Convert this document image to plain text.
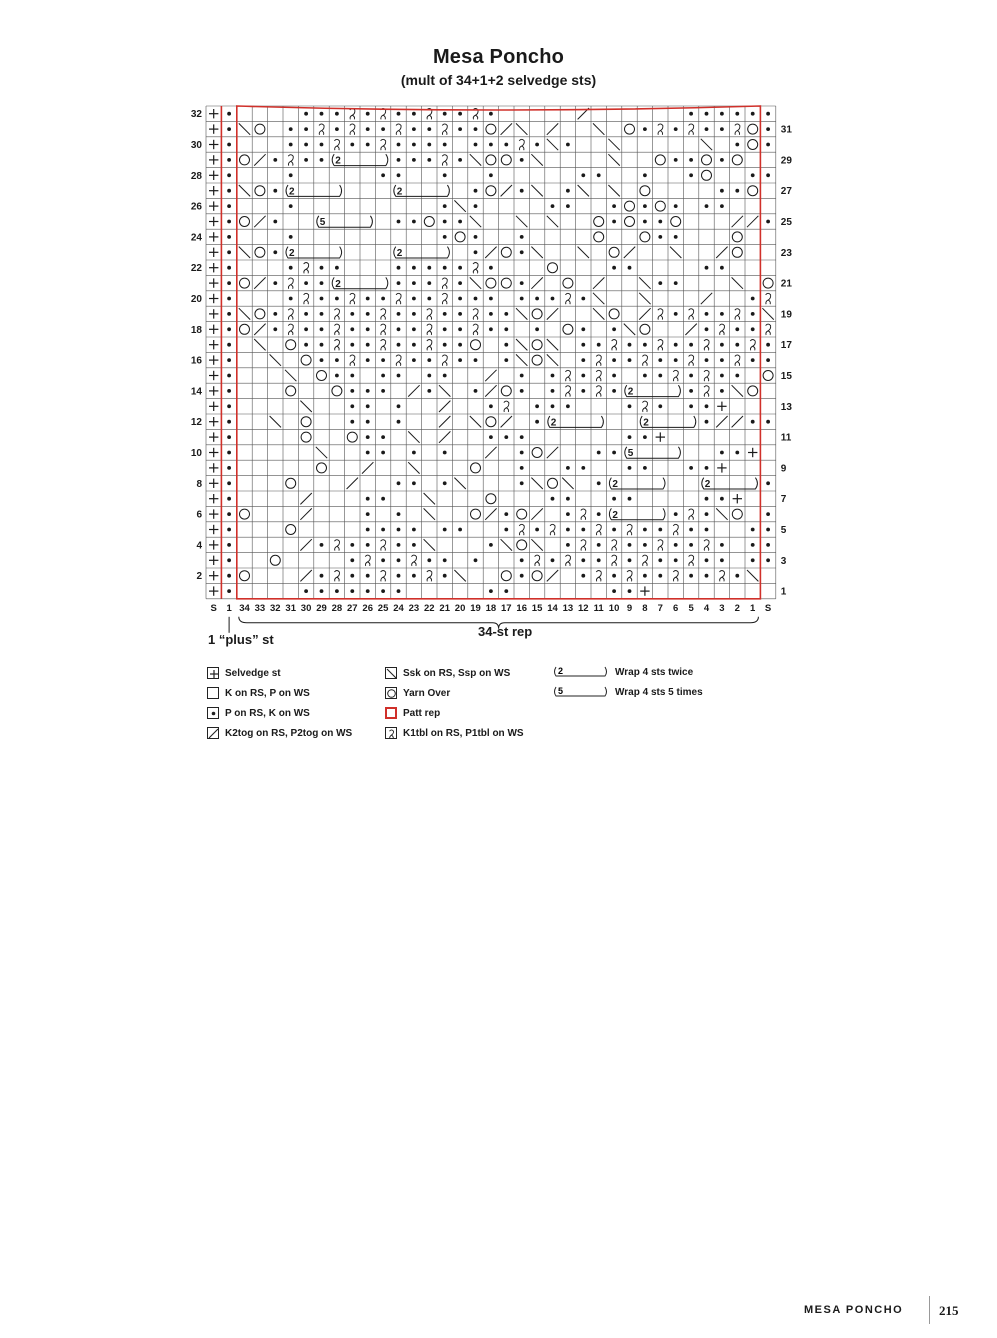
Mesa Poncho
(mult of 34+1+2 selvedge sts)
2
2	2
5
2	2
2
2
2	2
5
2	2
2
32
31
30
29
28
27
26
25
24
23
22
21
20
19
18
17
16
15
14
13
12
11
10
9
8
7
6
5
4
3
2
1
S 1 34 33 32 31 30 29 28 27 26 25 24 23 22 21 20 19 18 17 16 15 14 13 12 11 10 9 8 7 6 5 4 3 2 1 S
1 “plus” st
34-st rep
Selvedge st
K on RS, P on WS
P on RS, K on WS
K2tog on RS, P2tog on WS
Ssk on RS, Ssp on WS
Yarn Over
Patt rep
K1tbl on RS, P1tbl on WS
2	Wrap 4 sts twice
5	Wrap 4 sts 5 times
MESA PONCHO	215
